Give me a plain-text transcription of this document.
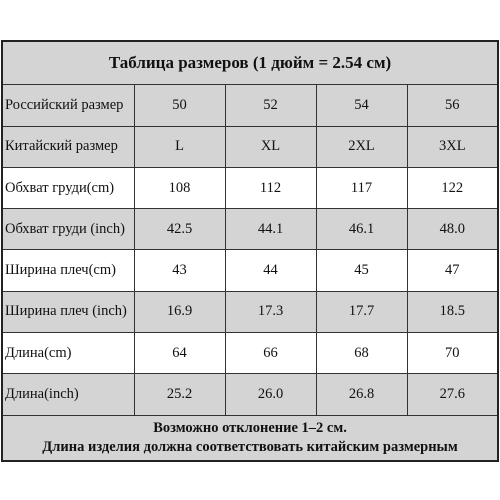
Таблица размеров (1 дюйм = 2.54 см)				
Российский размер	50	52	54	56
Китайский размер	L	XL	2XL	3XL
Обхват груди(cm)	108	112	117	122
Обхват груди (inch)	42.5	44.1	46.1	48.0
Ширина плеч(cm)	43	44	45	47
Ширина плеч (inch)	16.9	17.3	17.7	18.5
Длина(cm)	64	66	68	70
Длина(inch)	25.2	26.0	26.8	27.6

Возможно отклонение 1–2 см.
Длина изделия должна соответствовать китайским размерным				
